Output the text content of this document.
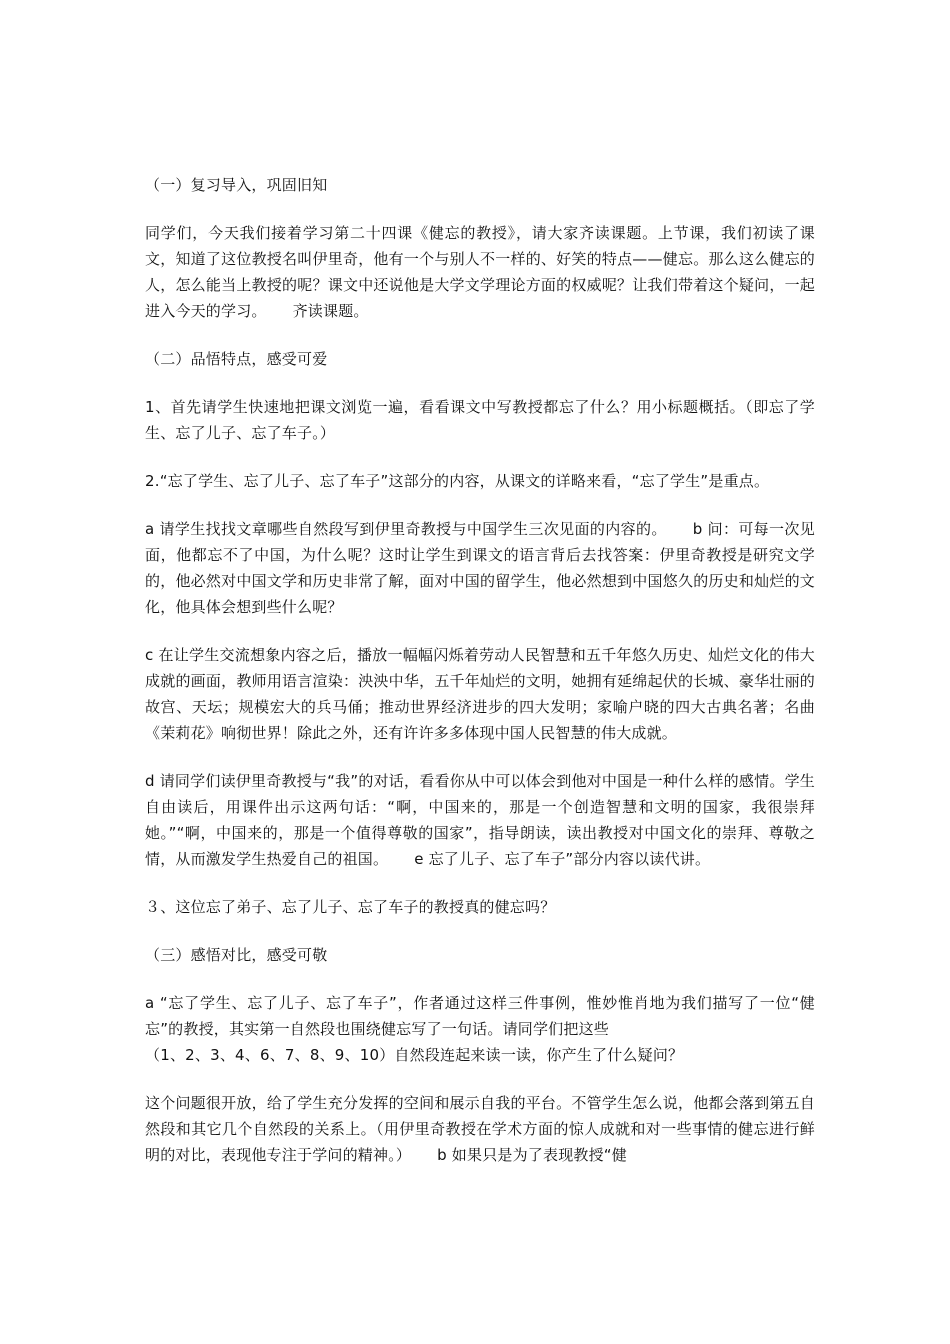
（一）复习导入，巩固旧知

同学们，今天我们接着学习第二十四课《健忘的教授》，请大家齐读课题。上节课，我们初读了课文，知道了这位教授名叫伊里奇，他有一个与别人不一样的、好笑的特点——健忘。那么这么健忘的人，怎么能当上教授的呢？课文中还说他是大学文学理论方面的权威呢？让我们带着这个疑问，一起进入今天的学习。 齐读课题。

（二）品悟特点，感受可爱

1、首先请学生快速地把课文浏览一遍，看看课文中写教授都忘了什么？用小标题概括。（即忘了学生、忘了儿子、忘了车子。）

2.“忘了学生、忘了儿子、忘了车子”这部分的内容，从课文的详略来看，“忘了学生”是重点。

a 请学生找找文章哪些自然段写到伊里奇教授与中国学生三次见面的内容的。 b 问：可每一次见面，他都忘不了中国，为什么呢？这时让学生到课文的语言背后去找答案：伊里奇教授是研究文学的，他必然对中国文学和历史非常了解，面对中国的留学生，他必然想到中国悠久的历史和灿烂的文化，他具体会想到些什么呢？

c 在让学生交流想象内容之后，播放一幅幅闪烁着劳动人民智慧和五千年悠久历史、灿烂文化的伟大成就的画面，教师用语言渲染：泱泱中华，五千年灿烂的文明，她拥有延绵起伏的长城、豪华壮丽的故宫、天坛；规模宏大的兵马俑；推动世界经济进步的四大发明；家喻户晓的四大古典名著；名曲《茉莉花》响彻世界！除此之外，还有许许多多体现中国人民智慧的伟大成就。

d 请同学们读伊里奇教授与“我”的对话，看看你从中可以体会到他对中国是一种什么样的感情。学生自由读后，用课件出示这两句话：“啊，中国来的，那是一个创造智慧和文明的国家，我很崇拜她。”“啊，中国来的，那是一个值得尊敬的国家”，指导朗读，读出教授对中国文化的崇拜、尊敬之情，从而激发学生热爱自己的祖国。 e 忘了儿子、忘了车子”部分内容以读代讲。

３、这位忘了弟子、忘了儿子、忘了车子的教授真的健忘吗？
（三）感悟对比，感受可敬

a “忘了学生、忘了儿子、忘了车子”，作者通过这样三件事例，惟妙惟肖地为我们描写了一位“健忘”的教授，其实第一自然段也围绕健忘写了一句话。请同学们把这些
（1、2、3、4、6、7、8、9、10）自然段连起来读一读，你产生了什么疑问？

这个问题很开放，给了学生充分发挥的空间和展示自我的平台。不管学生怎么说，他都会落到第五自然段和其它几个自然段的关系上。（用伊里奇教授在学术方面的惊人成就和对一些事情的健忘进行鲜明的对比，表现他专注于学问的精神。） b 如果只是为了表现教授“健
